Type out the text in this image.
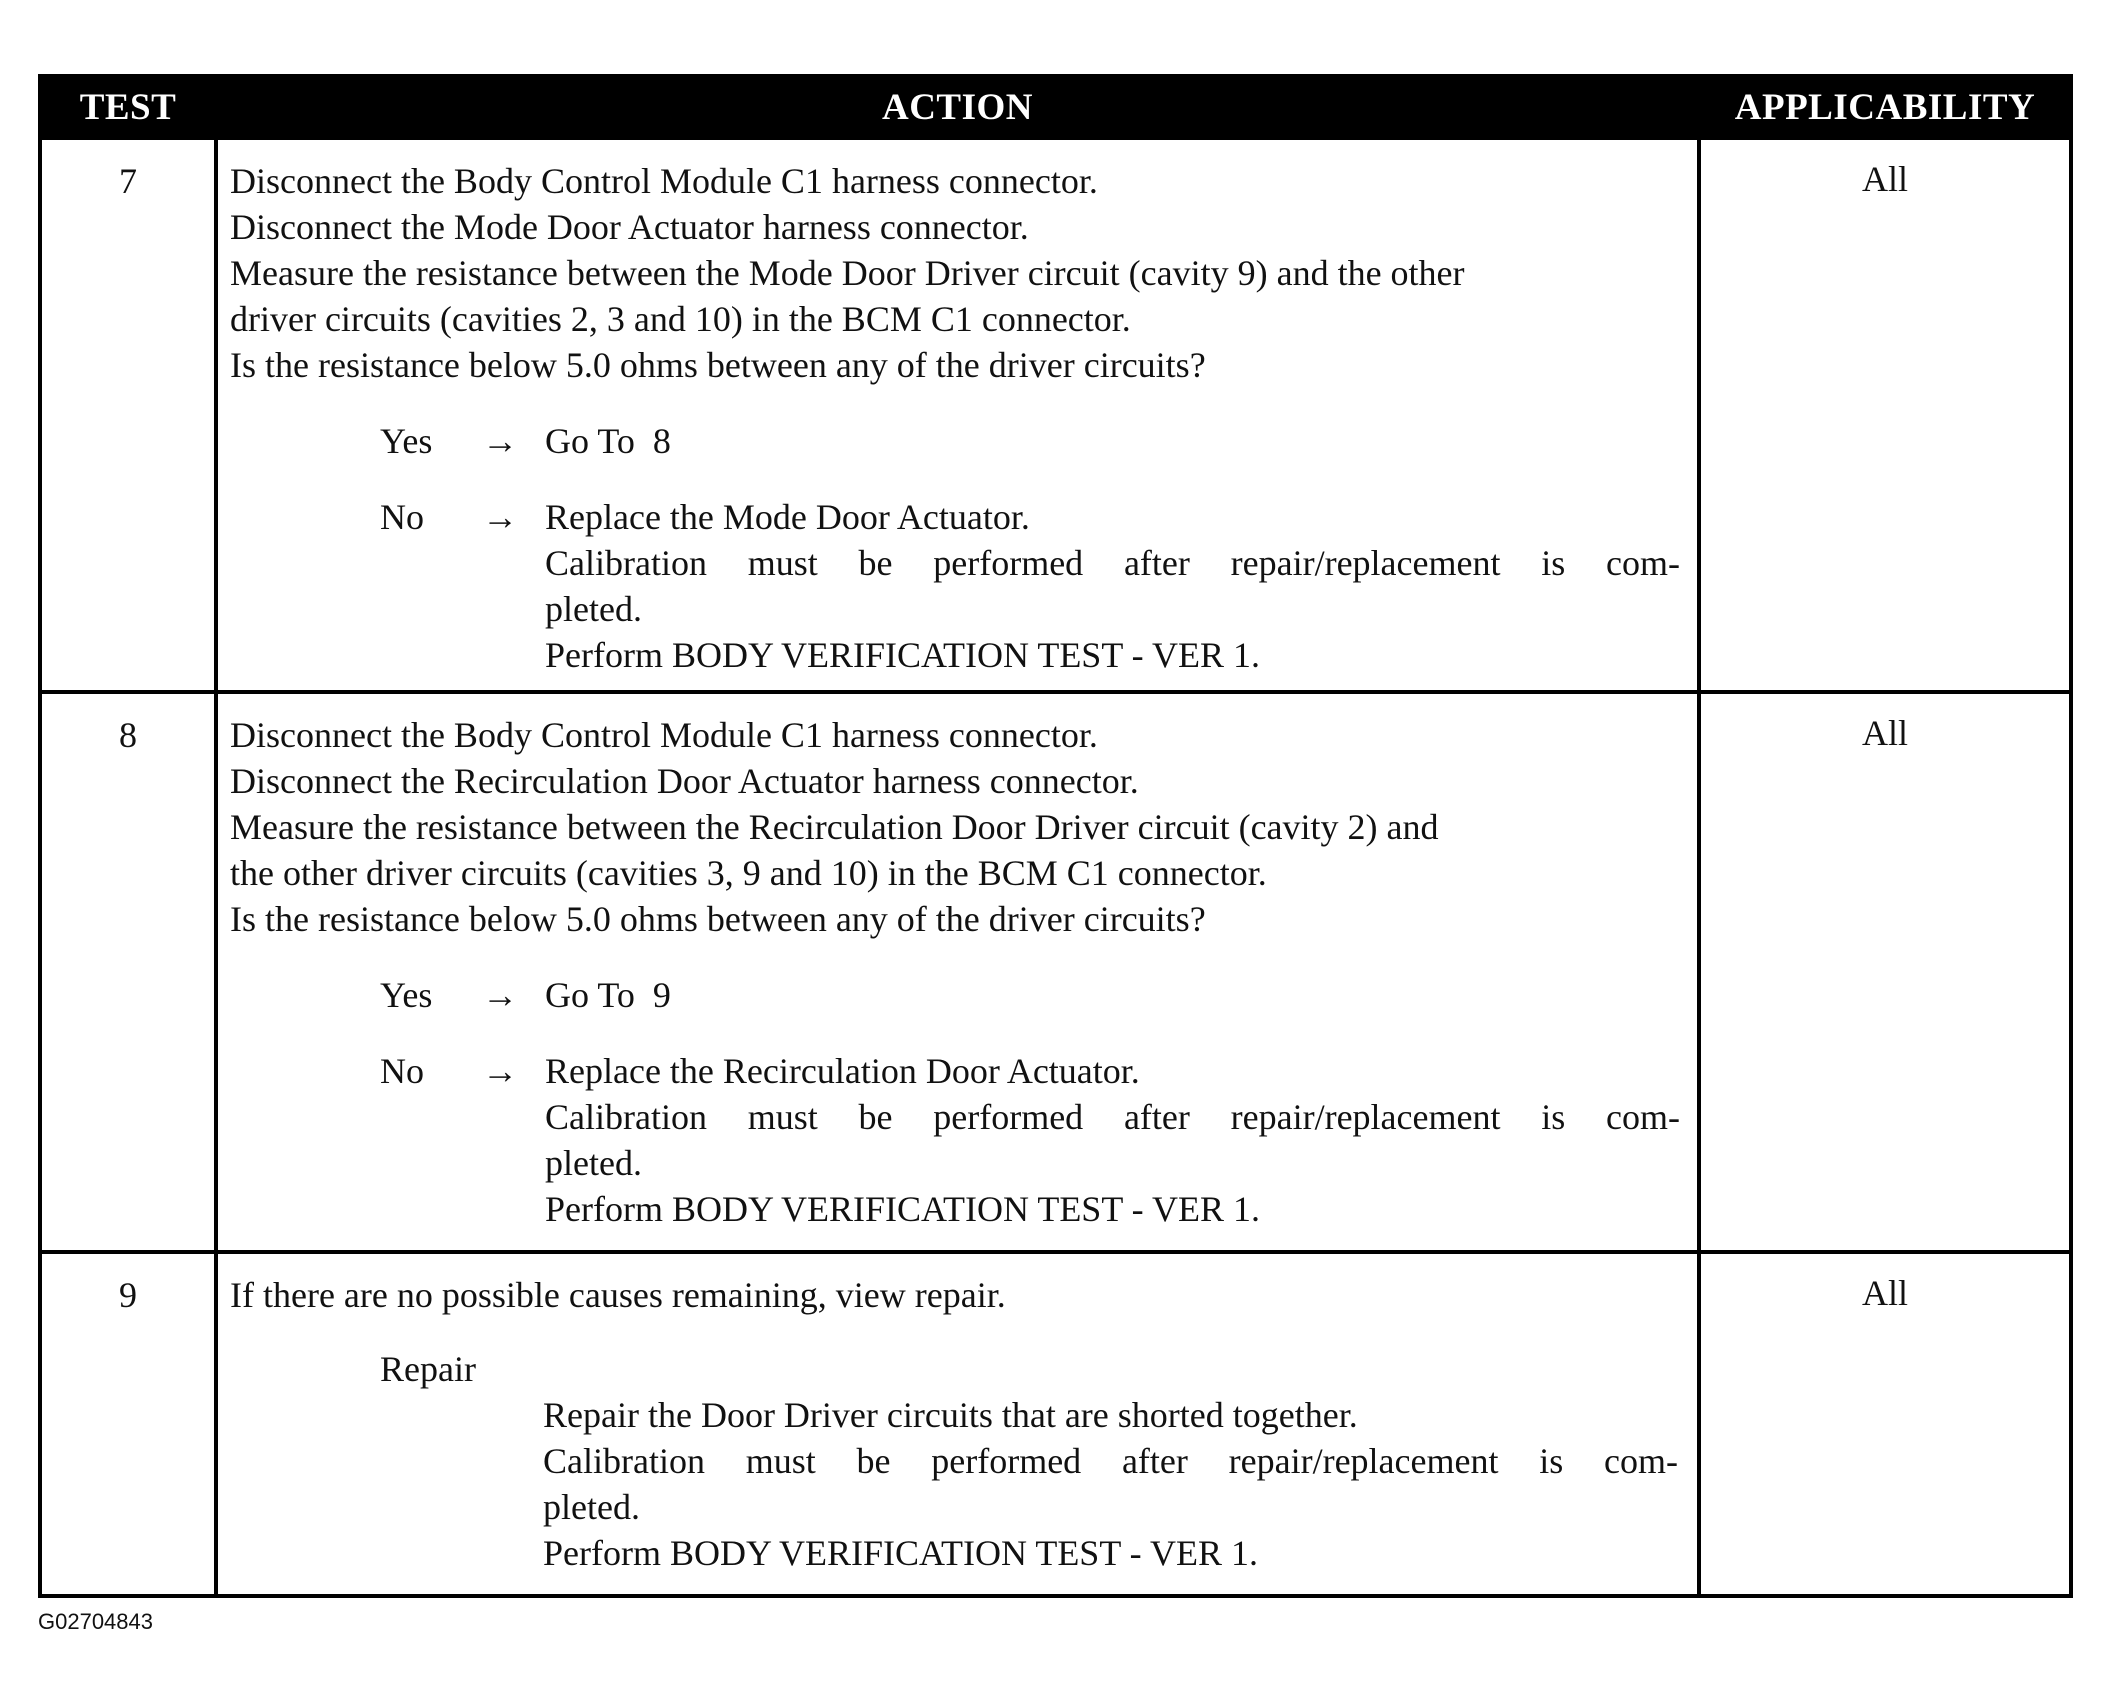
TEST	ACTION	APPLICABILITY
7	Disconnect the Body Control Module C1 harness connector.
Disconnect the Mode Door Actuator harness connector.
Measure the resistance between the Mode Door Driver circuit (cavity 9) and the other
driver circuits (cavities 2, 3 and 10) in the BCM C1 connector.
Is the resistance below 5.0 ohms between any of the driver circuits?
Yes	→ Go To  8
No	→ Replace the Mode Door Actuator.
Calibration must be performed after repair/replacement is com-
pleted.
Perform BODY VERIFICATION TEST - VER 1.
All
8	Disconnect the Body Control Module C1 harness connector.
Disconnect the Recirculation Door Actuator harness connector.
Measure the resistance between the Recirculation Door Driver circuit (cavity 2) and
the other driver circuits (cavities 3, 9 and 10) in the BCM C1 connector.
Is the resistance below 5.0 ohms between any of the driver circuits?
Yes	→ Go To  9
No	→ Replace the Recirculation Door Actuator.
Calibration must be performed after repair/replacement is com-
pleted.
Perform BODY VERIFICATION TEST - VER 1.
All
9	If there are no possible causes remaining, view repair.
Repair
Repair the Door Driver circuits that are shorted together.
Calibration must be performed after repair/replacement is com-
pleted.
Perform BODY VERIFICATION TEST - VER 1.
All
G02704843
